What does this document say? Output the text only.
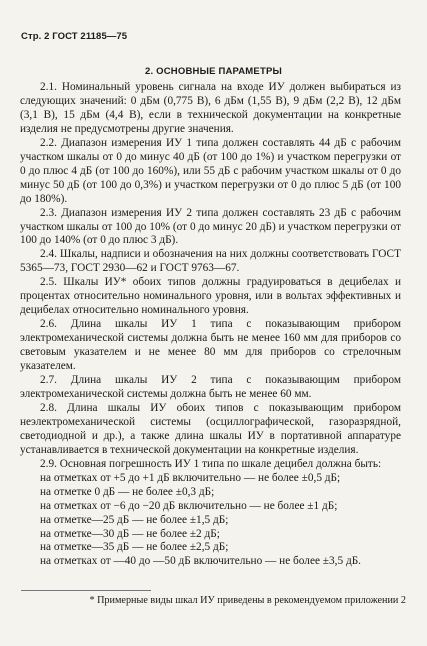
Стр. 2 ГОСТ 21185—75
2. ОСНОВНЫЕ ПАРАМЕТРЫ

2.1. Номинальный уровень сигнала на входе ИУ должен выбираться из следующих значений: 0 дБм (0,775 В), 6 дБм (1,55 В), 9 дБм (2,2 В), 12 дБм (3,1 В), 15 дБм (4,4 В), если в технической документации на конкретные изделия не предусмотрены другие значения.

2.2. Диапазон измерения ИУ 1 типа должен составлять 44 дБ с рабочим участком шкалы от 0 до минус 40 дБ (от 100 до 1%) и участком перегрузки от 0 до плюс 4 дБ (от 100 до 160%), или 55 дБ с рабочим участком шкалы от 0 до минус 50 дБ (от 100 до 0,3%) и участком перегрузки от 0 до плюс 5 дБ (от 100 до 180%).

2.3. Диапазон измерения ИУ 2 типа должен составлять 23 дБ с рабочим участком шкалы от 100 до 10% (от 0 до минус 20 дБ) и участком перегрузки от 100 до 140% (от 0 до плюс 3 дБ).

2.4. Шкалы, надписи и обозначения на них должны соответствовать ГОСТ 5365—73, ГОСТ 2930—62 и ГОСТ 9763—67.

2.5. Шкалы ИУ* обоих типов должны градуироваться в децибелах и процентах относительно номинального уровня, или в вольтах эффективных и децибелах относительно номинального уровня.

2.6. Длина шкалы ИУ 1 типа с показывающим прибором электромеханической системы должна быть не менее 160 мм для приборов со световым указателем и не менее 80 мм для приборов со стрелочным указателем.

2.7. Длина шкалы ИУ 2 типа с показывающим прибором электромеханической системы должна быть не менее 60 мм.

2.8. Длина шкалы ИУ обоих типов с показывающим прибором неэлектромеханической системы (осциллографической, газоразрядной, светодиодной и др.), а также длина шкалы ИУ в портативной аппаратуре устанавливается в технической документации на конкретные изделия.

2.9. Основная погрешность ИУ 1 типа по шкале децибел должна быть:

на отметках от +5 до +1 дБ включительно — не более ±0,5 дБ;

на отметке 0 дБ — не более ±0,3 дБ;

на отметках от −6 до −20 дБ включительно — не более ±1 дБ;

на отметке—25 дБ — не более ±1,5 дБ;

на отметке—30 дБ — не более ±2 дБ;

на отметке—35 дБ — не более ±2,5 дБ;

на отметках от —40 до —50 дБ включительно — не более ±3,5 дБ.

* Примерные виды шкал ИУ приведены в рекомендуемом приложении 2
